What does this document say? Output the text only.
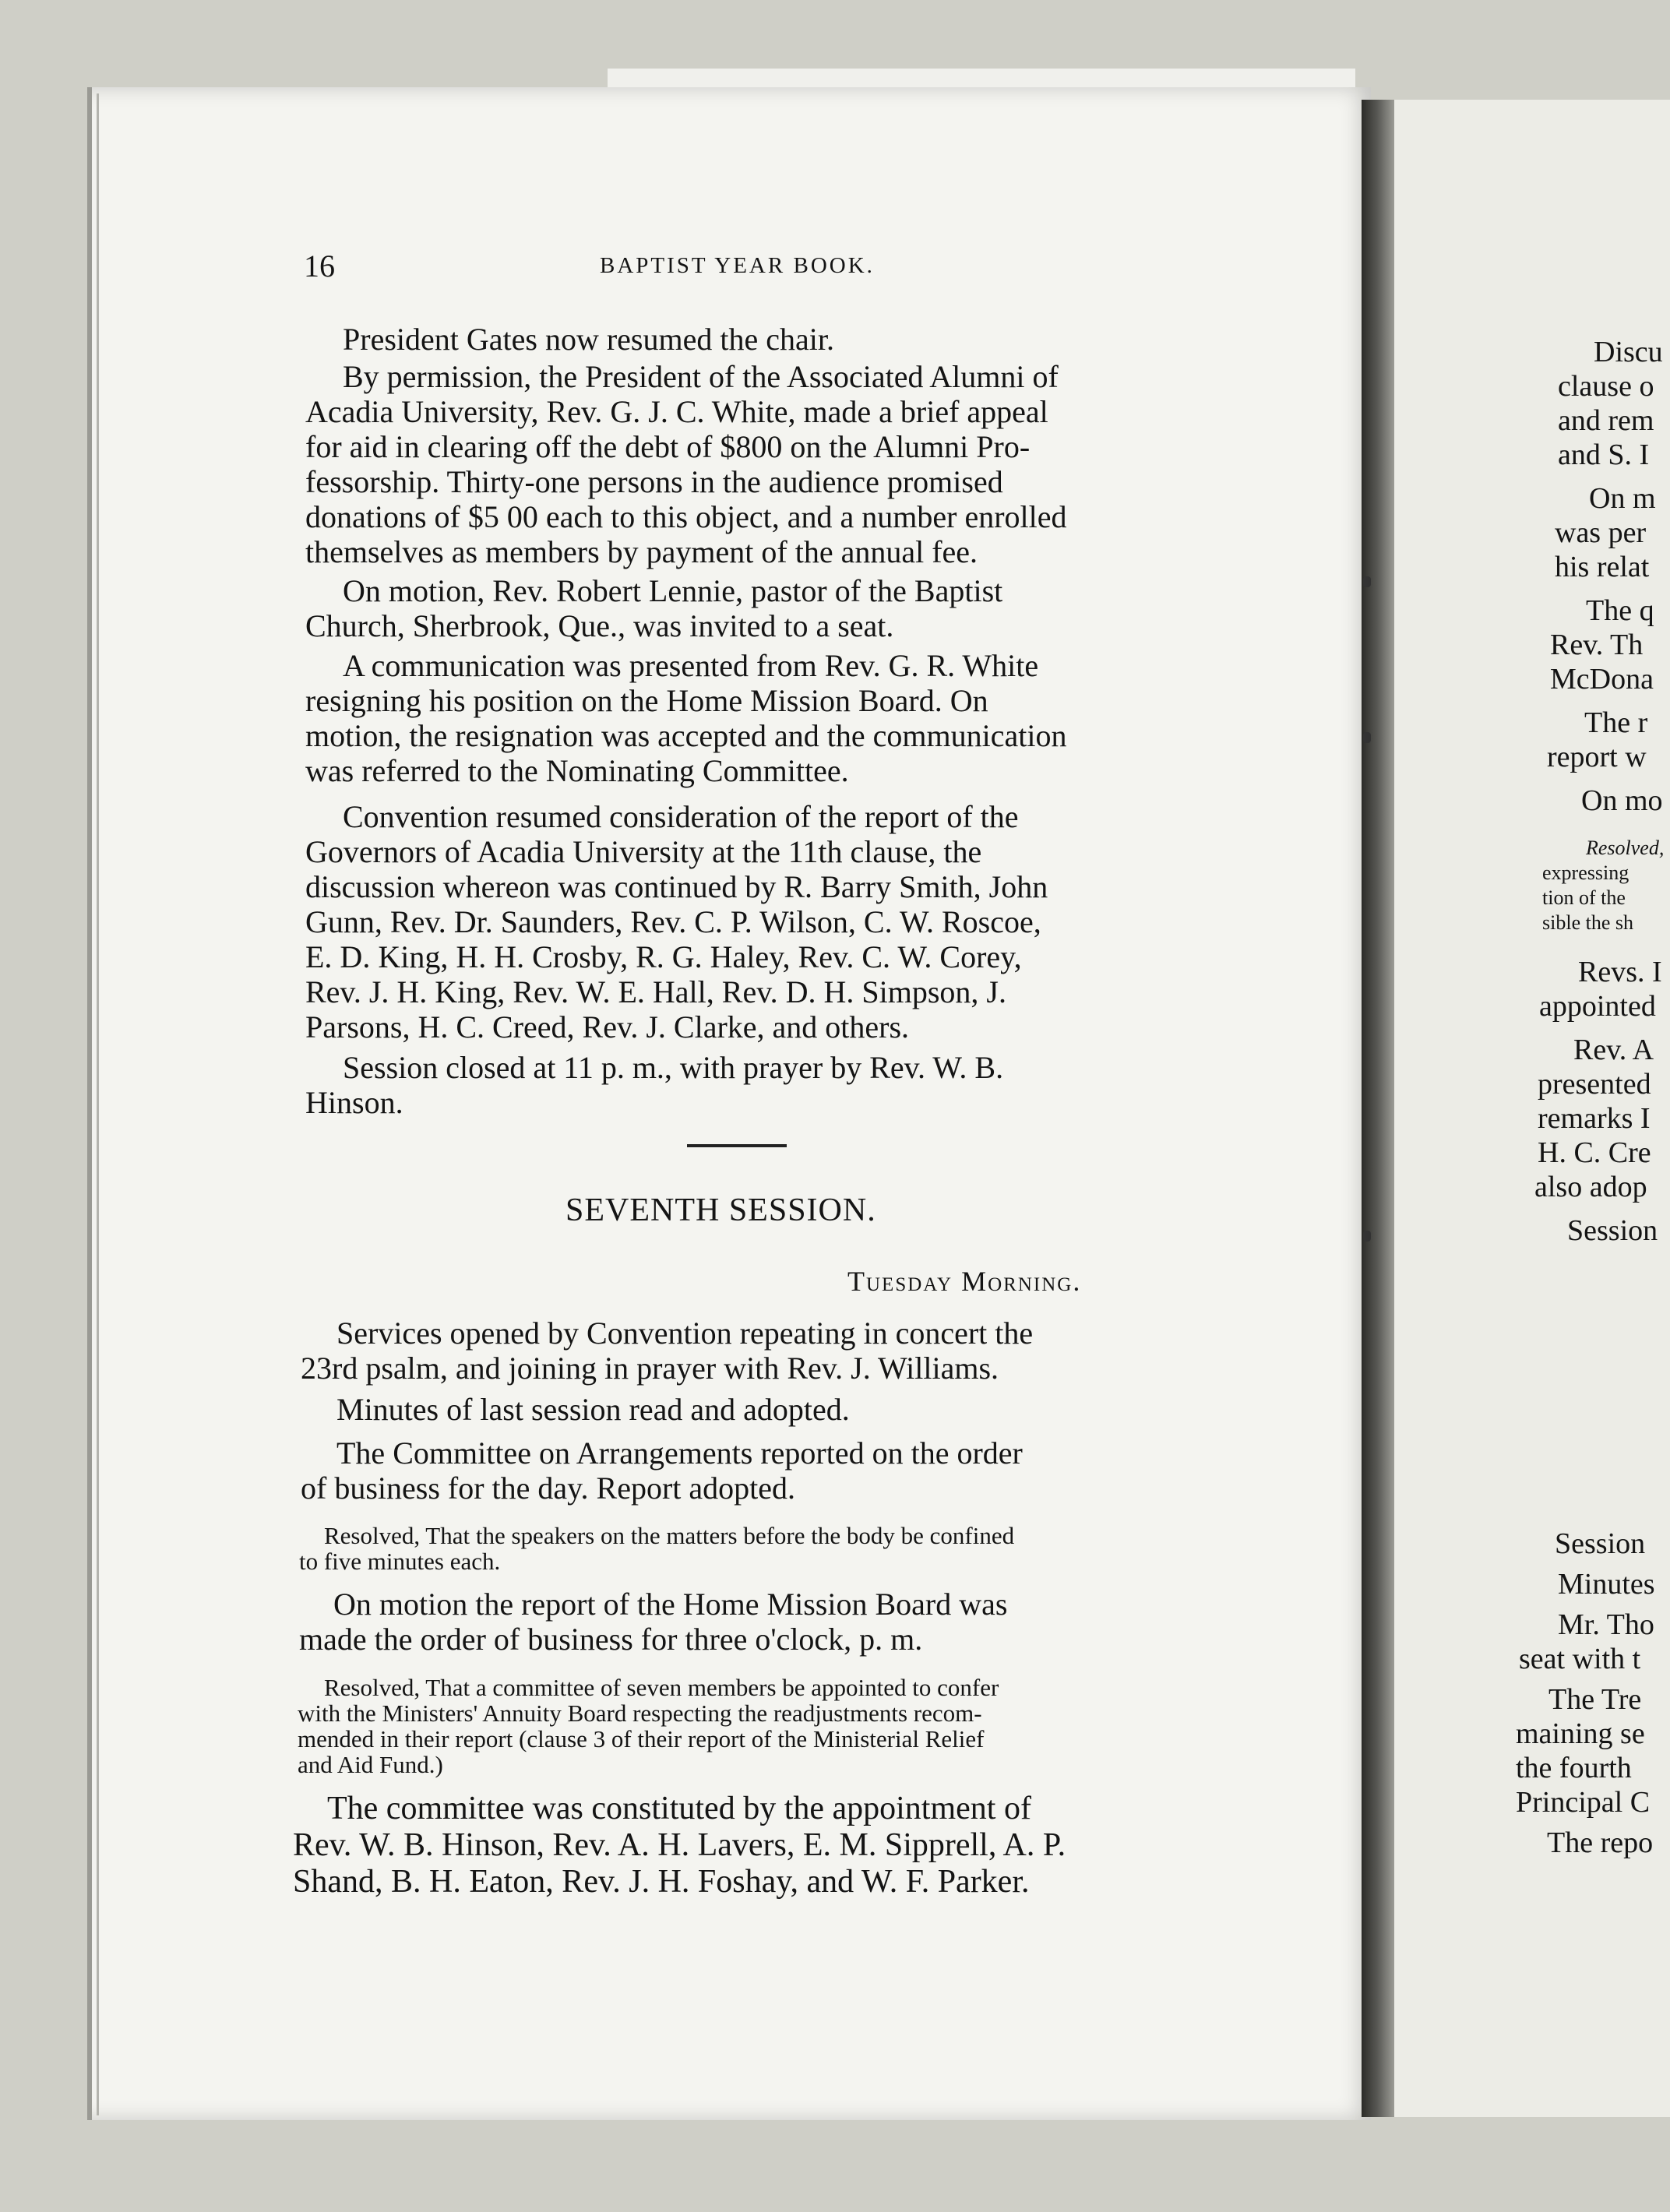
16	BAPTIST YEAR BOOK.
President Gates now resumed the chair.
By permission, the President of the Associated Alumni of
Acadia University, Rev. G. J. C. White, made a brief appeal
for aid in clearing off the debt of $800 on the Alumni Pro-
fessorship. Thirty-one persons in the audience promised
donations of $5 00 each to this object, and a number enrolled
themselves as members by payment of the annual fee.
On motion, Rev. Robert Lennie, pastor of the Baptist
Church, Sherbrook, Que., was invited to a seat.
A communication was presented from Rev. G. R. White
resigning his position on the Home Mission Board. On
motion, the resignation was accepted and the communication
was referred to the Nominating Committee.
Convention resumed consideration of the report of the
Governors of Acadia University at the 11th clause, the
discussion whereon was continued by R. Barry Smith, John
Gunn, Rev. Dr. Saunders, Rev. C. P. Wilson, C. W. Roscoe,
E. D. King, H. H. Crosby, R. G. Haley, Rev. C. W. Corey,
Rev. J. H. King, Rev. W. E. Hall, Rev. D. H. Simpson, J.
Parsons, H. C. Creed, Rev. J. Clarke, and others.
Session closed at 11 p. m., with prayer by Rev. W. B.
Hinson.
SEVENTH SESSION.
Tuesday Morning.
Services opened by Convention repeating in concert the
23rd psalm, and joining in prayer with Rev. J. Williams.
Minutes of last session read and adopted.
The Committee on Arrangements reported on the order
of business for the day. Report adopted.
Resolved, That the speakers on the matters before the body be confined
to five minutes each.
On motion the report of the Home Mission Board was
made the order of business for three o'clock, p. m.
Resolved, That a committee of seven members be appointed to confer
with the Ministers' Annuity Board respecting the readjustments recom-
mended in their report (clause 3 of their report of the Ministerial Relief
and Aid Fund.)
The committee was constituted by the appointment of
Rev. W. B. Hinson, Rev. A. H. Lavers, E. M. Sipprell, A. P.
Shand, B. H. Eaton, Rev. J. H. Foshay, and W. F. Parker.
Discu
clause o
and rem
and S. I
On m
was per
his relat
The q
Rev. Th
McDona
The r
report w
On mo
Resolved,
expressing
tion of the
sible the sh
Revs. I
appointed
Rev. A
presented
remarks I
H. C. Cre
also adop
Session
Session
Minutes
Mr. Tho
seat with t
The Tre
maining se
the fourth
Principal C
The repo
